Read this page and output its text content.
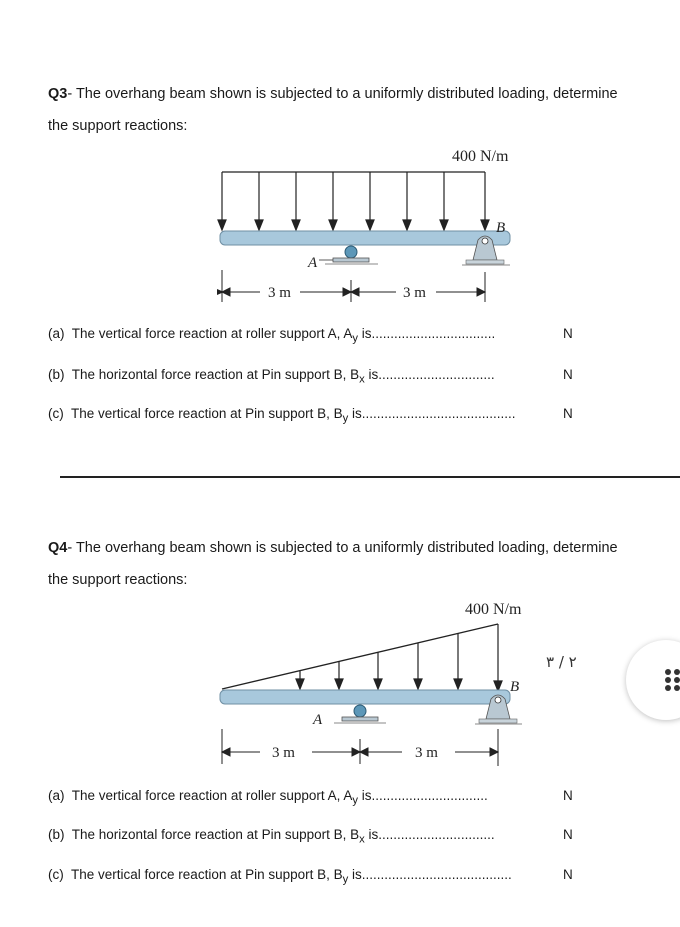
Q3- The overhang beam shown is subjected to a uniformly distributed loading, determine
the support reactions:
400 N/m
A
B
3 m	3 m
(a) The vertical force reaction at roller support A, $A_y$ is.................................	N
(b) The horizontal force reaction at Pin support B, $B_x$ is...............................	N
(c) The vertical force reaction at Pin support B, $B_y$ is.........................................	N
Q4- The overhang beam shown is subjected to a uniformly distributed loading, determine
the support reactions:
400 N/m
A
B
3 m	3 m
(a) The vertical force reaction at roller support A, $A_y$ is...............................	N
(b) The horizontal force reaction at Pin support B, $B_x$ is...............................	N
(c) The vertical force reaction at Pin support B, $B_y$ is........................................	N
٢ / ٣
